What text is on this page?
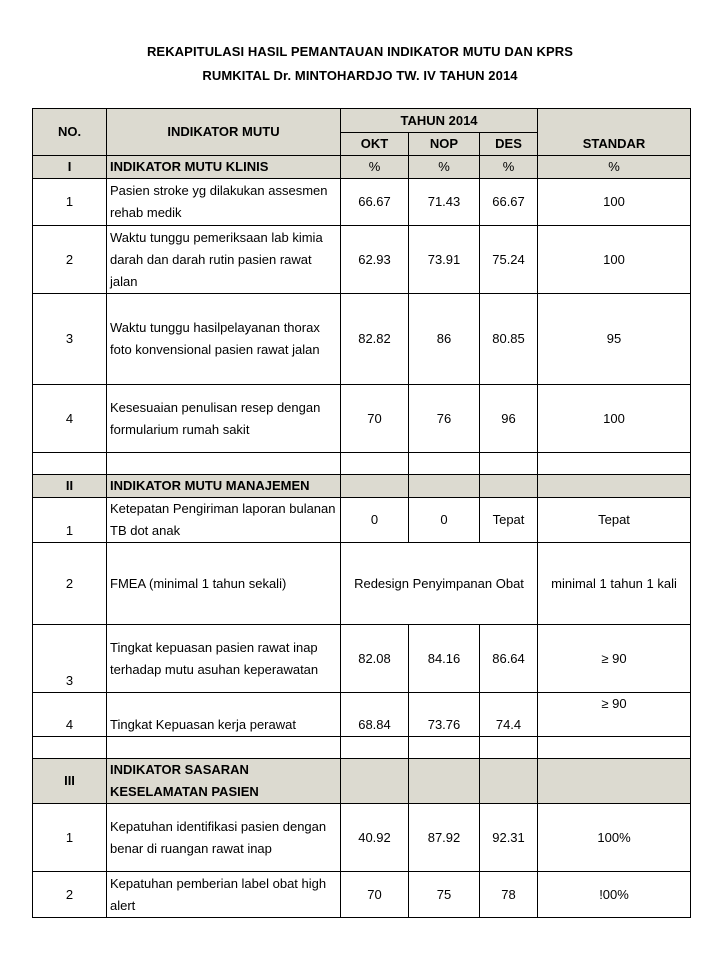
REKAPITULASI HASIL PEMANTAUAN INDIKATOR MUTU DAN KPRS
RUMKITAL Dr. MINTOHARDJO TW. IV TAHUN 2014
NO.	INDIKATOR MUTU	TAHUN 2014			STANDAR
		OKT	NOP	DES	
I	INDIKATOR MUTU KLINIS	%	%	%	%
1	Pasien stroke yg dilakukan assesmen rehab medik	66.67	71.43	66.67	100
2	Waktu tunggu pemeriksaan lab kimia darah dan darah rutin pasien rawat jalan	62.93	73.91	75.24	100
3	Waktu tunggu hasilpelayanan thorax foto konvensional pasien rawat jalan	82.82	86	80.85	95
4	Kesesuaian penulisan resep dengan formularium rumah sakit	70	76	96	100

II	INDIKATOR MUTU MANAJEMEN				
1	Ketepatan Pengiriman laporan bulanan TB dot anak	0	0	Tepat	Tepat
2	FMEA (minimal 1 tahun sekali)	Redesign Penyimpanan Obat			minimal 1 tahun 1 kali
3	Tingkat kepuasan pasien rawat inap terhadap mutu asuhan keperawatan	82.08	84.16	86.64	≥ 90
4	Tingkat Kepuasan kerja perawat	68.84	73.76	74.4	≥ 90

III	INDIKATOR SASARAN KESELAMATAN PASIEN				
1	Kepatuhan identifikasi pasien dengan benar di ruangan rawat inap	40.92	87.92	92.31	100%
2	Kepatuhan pemberian label obat high alert	70	75	78	!00%
